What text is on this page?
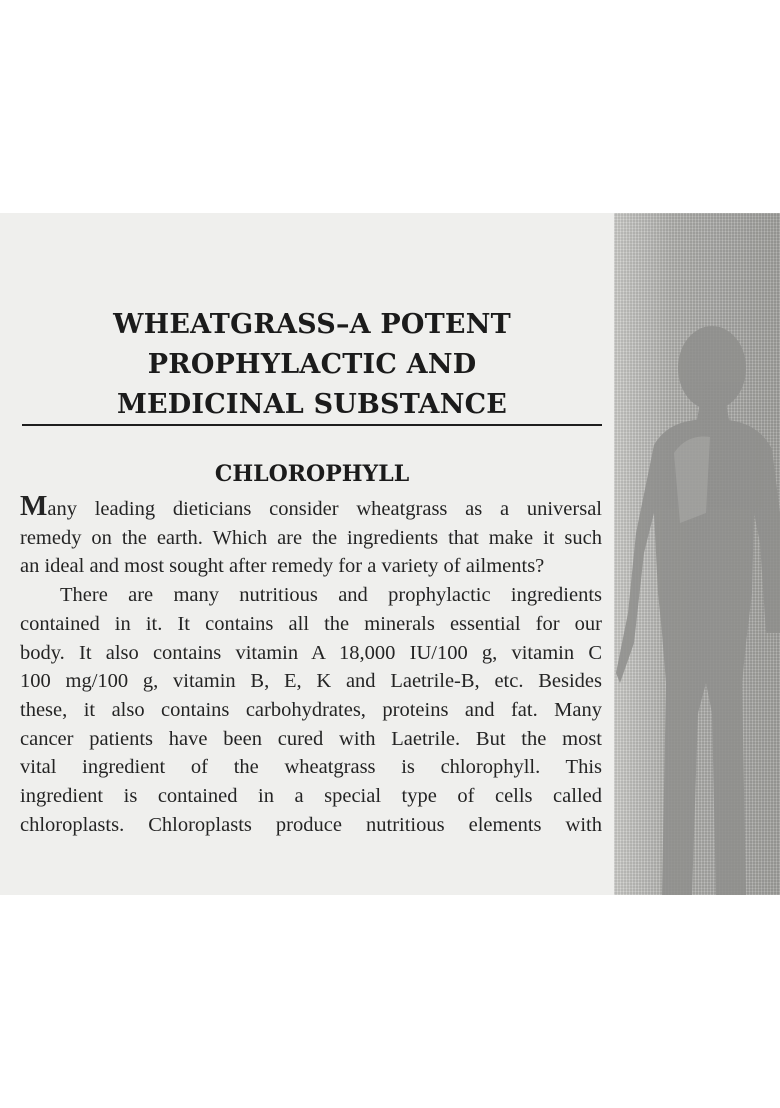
WHEATGRASS–A POTENT
PROPHYLACTIC AND
MEDICINAL SUBSTANCE
CHLOROPHYLL
Many leading dieticians consider wheatgrass as a universal
remedy on the earth. Which are the ingredients that make it such
an ideal and most sought after remedy for a variety of ailments?
There are many nutritious and prophylactic ingredients
contained in it. It contains all the minerals essential for our
body. It also contains vitamin A 18,000 IU/100 g, vitamin C
100 mg/100 g, vitamin B, E, K and Laetrile-B, etc. Besides
these, it also contains carbohydrates, proteins and fat. Many
cancer patients have been cured with Laetrile. But the most
vital ingredient of the wheatgrass is chlorophyll. This
ingredient is contained in a special type of cells called
chloroplasts. Chloroplasts produce nutritious elements with
